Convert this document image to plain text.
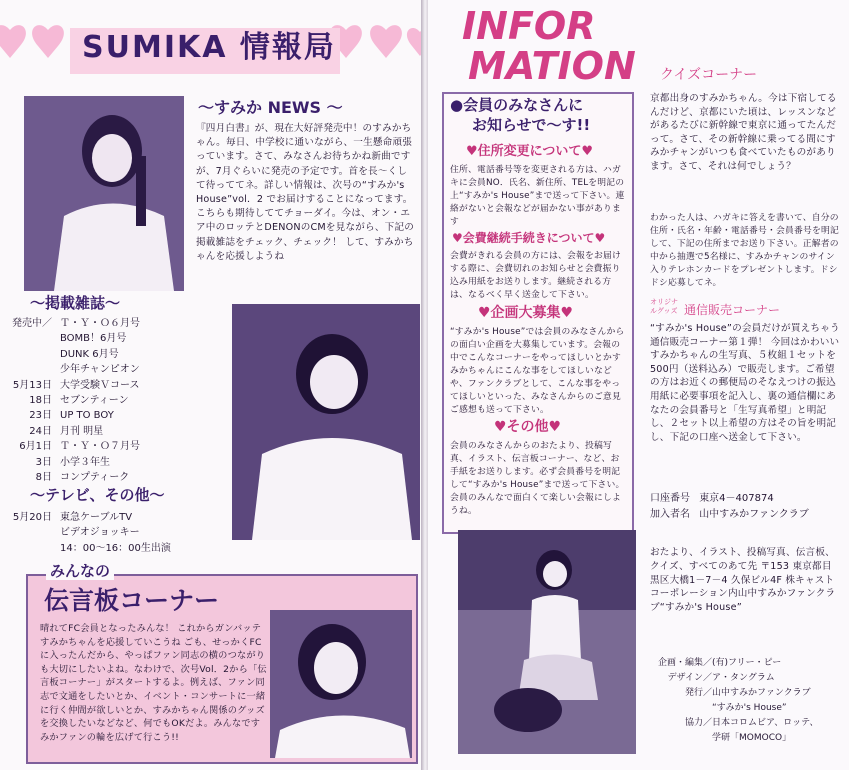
SUMIKA 情報局
～すみか NEWS ～
『四月白書』が、現在大好評発売中！のすみかちゃん。毎日、中学校に通いながら、一生懸命頑張っています。さて、みなさんお待ちかね新曲ですが、7月ぐらいに発売の予定です。首を長～くして待っててネ。詳しい情報は、次号の“すみか's House”vol．2 でお届けすることになってます。こちらも期待しててチョーダイ。今は、オン・エア中のロッテとDENONのCMを見ながら、下記の掲載雑誌をチェック、チェック！ して、すみかちゃんを応援しようね
～掲載雑誌～
発売中／ Ｔ・Ｙ・Ｏ６月号
BOMB！6月号
DUNK 6月号
少年チャンピオン
5月13日 大学受験Ｖコース
18日 セブンティーン
23日 UP TO BOY
24日 月刊 明星
6月1日 Ｔ・Ｙ・Ｏ７月号
3日 小学３年生
8日 コンプティーク
～テレビ、その他～
5月20日 東急ケーブルTV
ビデオジョッキー
14：00～16：00生出演
みんなの
伝言板コーナー
晴れてFC会員となったみんな！ これからガンバッテすみかちゃんを応援していこうね ごも、せっかくFCに入ったんだから、やっぱファン同志の横のつながりも大切にしたいよね。なわけで、次号Vol．2から「伝言板コーナー」がスタートするよ。例えば、ファン同志で文通をしたいとか、イベント・コンサートに一緒に行く仲間が欲しいとか、すみかちゃん関係のグッズを交換したいなどなど、何でもOKだよ。みんなですみかファンの輪を広げて行こう!!
INFOR
MATION
●会員のみなさんに
お知らせで～す!!
♥住所変更について♥
住所、電話番号等を変更される方は、ハガキに会員NO．氏名、新住所、TELを明記の上“すみか's House”まで送って下さい。連絡がないと会報などが届かない事があります
♥会費継続手続きについて♥
会費がきれる会員の方には、会報をお届けする際に、会費切れのお知らせと会費振り込み用紙をお送りします。継続される方は、なるべく早く送金して下さい。
♥企画大募集♥
“すみか's House”では会員のみなさんからの面白い企画を大募集しています。会報の中でこんなコーナーをやってほしいとかすみかちゃんにこんな事をしてほしいなどや、ファンクラブとして、こんな事をやってほしいといった、みなさんからのご意見ご感想も送って下さい。
♥その他♥
会員のみなさんからのおたより、投稿写真、イラスト、伝言板コーナー、など、お手紙をお送りします。必ず会員番号を明記して“すみか's House”まで送って下さい。会員のみんなで面白くて楽しい会報にしようね。
クイズコーナー
京都出身のすみかちゃん。今は下宿してるんだけど、京都にいた頃は、レッスンなどがあるたびに新幹線で東京に通ってたんだって。さて、その新幹線に乗ってる間にすみかチャンがいつも食べていたものがあります。さて、それは何でしょう？
わかった人は、ハガキに答えを書いて、自分の住所・氏名・年齢・電話番号・会員番号を明記して、下記の住所までお送り下さい。正解者の中から抽選で5名様に、すみかチャンのサイン入りテレホンカードをプレゼントします。ドシドシ応募してネ。
オリジナルグッズ 通信販売コーナー
“すみか's House”の会員だけが買えちゃう通信販売コーナー第１弾！ 今回はかわいいすみかちゃんの生写真、５枚組１セットを500円（送料込み）で販売します。ご希望の方はお近くの郵便局のそなえつけの振込用紙に必要事項を記入し、裏の通信欄にあなたの会員番号と「生写真希望」と明記し、２セット以上希望の方はその旨を明記し、下記の口座へ送金して下さい。
口座番号 東京4－407874
加入者名 山中すみかファンクラブ
おたより、イラスト、投稿写真、伝言板、クイズ、すべてのあて先 〒153 東京都目黒区大橋1－7－4 久保ビル4F 株キャストコーポレーション内山中すみかファンクラブ“すみか's House”
企画・編集／(有)フリー・ピー
デザイン／ア・タングラム
発行／山中すみかファンクラブ
“すみか's House”
協力／日本コロムビア、ロッテ、
学研「MOMOCO」
